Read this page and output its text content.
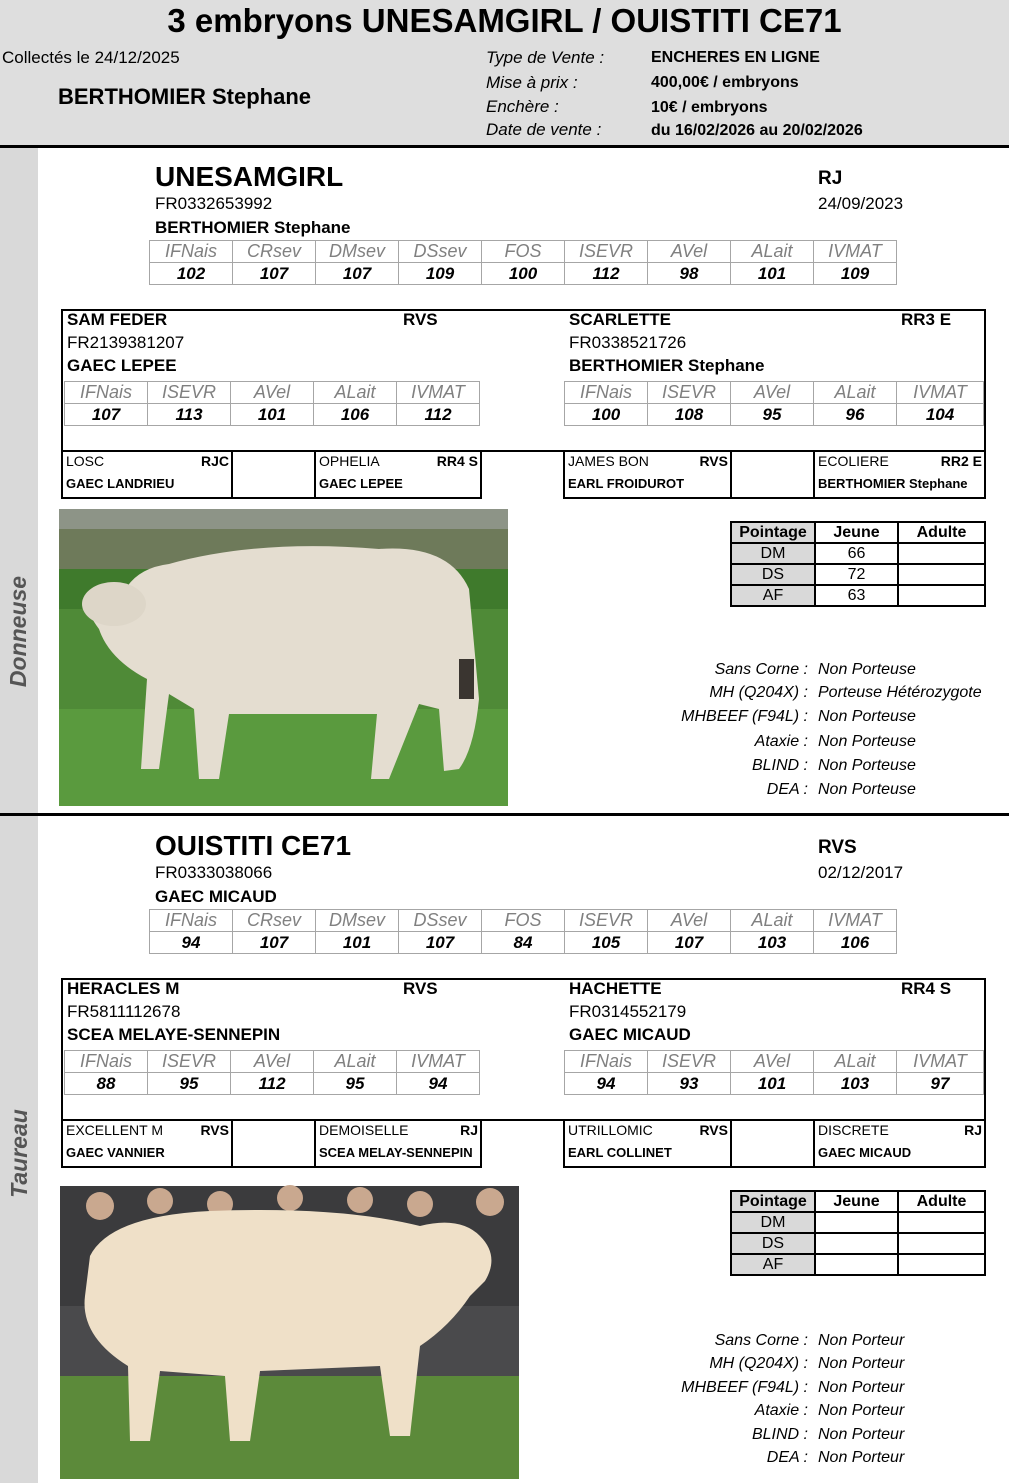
3 embryons UNESAMGIRL / OUISTITI CE71
Collectés le 24/12/2025
BERTHOMIER Stephane
Type de Vente :	ENCHERES EN LIGNE
Mise à prix :	400,00€ / embryons
Enchère :	10€ / embryons
Date de vente :	du 16/02/2026 au 20/02/2026
Donneuse
Taureau
UNESAMGIRL
FR0332653992
BERTHOMIER Stephane
RJ
24/09/2023
IFNais	CRsev	DMsev	DSsev	FOS	ISEVR	AVel	ALait	IVMAT
102	107	107	109	100	112	98	101	109
SAM FEDER	RVS
FR2139381207
GAEC LEPEE
IFNais	ISEVR	AVel	ALait	IVMAT
107	113	101	106	112
SCARLETTE	RR3 E
FR0338521726
BERTHOMIER Stephane
IFNais	ISEVR	AVel	ALait	IVMAT
100	108	95	96	104
LOSC	RJC
GAEC LANDRIEU
OPHELIA	RR4 S
GAEC LEPEE
JAMES BON	RVS
EARL FROIDUROT
ECOLIERE	RR2 E
BERTHOMIER Stephane
Pointage	Jeune	Adulte
DM	66	
DS	72	
AF	63	
Sans Corne : Non Porteuse
MH (Q204X) : Porteuse Hétérozygote
MHBEEF (F94L) : Non Porteuse
Ataxie : Non Porteuse
BLIND : Non Porteuse
DEA : Non Porteuse
OUISTITI CE71
FR0333038066
GAEC MICAUD
RVS
02/12/2017
IFNais	CRsev	DMsev	DSsev	FOS	ISEVR	AVel	ALait	IVMAT
94	107	101	107	84	105	107	103	106
HERACLES M	RVS
FR5811112678
SCEA MELAYE-SENNEPIN
IFNais	ISEVR	AVel	ALait	IVMAT
88	95	112	95	94
HACHETTE	RR4 S
FR0314552179
GAEC MICAUD
IFNais	ISEVR	AVel	ALait	IVMAT
94	93	101	103	97
EXCELLENT M	RVS
GAEC VANNIER
DEMOISELLE	RJ
SCEA MELAY-SENNEPIN
UTRILLOMIC	RVS
EARL COLLINET
DISCRETE	RJ
GAEC MICAUD
Pointage	Jeune	Adulte
DM		
DS		
AF		
Sans Corne : Non Porteur
MH (Q204X) : Non Porteur
MHBEEF (F94L) : Non Porteur
Ataxie : Non Porteur
BLIND : Non Porteur
DEA : Non Porteur
